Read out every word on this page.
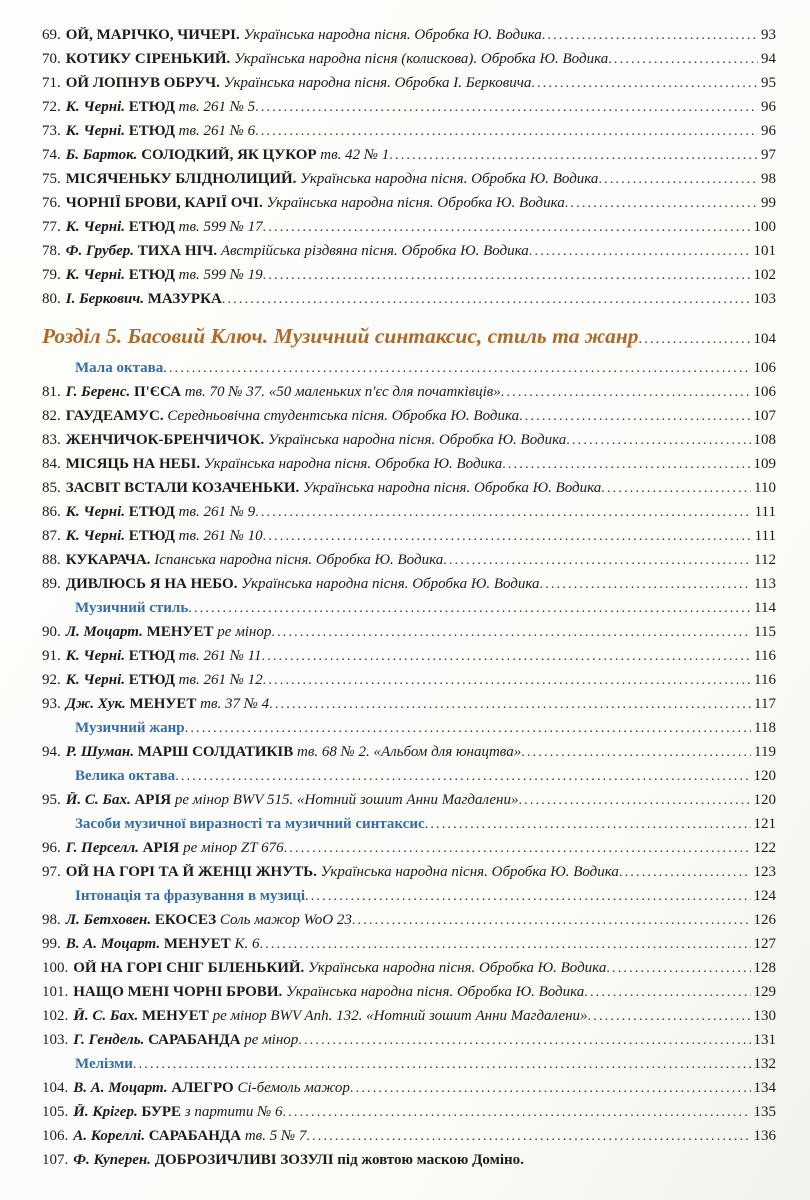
69. ОЙ, МАРІЧКО, ЧИЧЕРІ. Українська народна пісня. Обробка Ю. Водика .....	93
70. КОТИКУ СІРЕНЬКИЙ. Українська народна пісня (колискова). Обробка Ю. Водика .....	94
71. ОЙ ЛОПНУВ ОБРУЧ. Українська народна пісня. Обробка І. Берковича .....	95
72. К. Черні. ЕТЮД тв. 261 № 5 .....	96
73. К. Черні. ЕТЮД тв. 261 № 6 .....	96
74. Б. Барток. СОЛОДКИЙ, ЯК ЦУКОР тв. 42 № 1 .....	97
75. МІСЯЧЕНЬКУ БЛІДНОЛИЦИЙ. Українська народна пісня. Обробка Ю. Водика .....	98
76. ЧОРНІЇ БРОВИ, КАРІЇ ОЧІ. Українська народна пісня. Обробка Ю. Водика .....	99
77. К. Черні. ЕТЮД тв. 599 № 17 .....	100
78. Ф. Грубер. ТИХА НІЧ. Австрійська різдвяна пісня. Обробка Ю. Водика .....	101
79. К. Черні. ЕТЮД тв. 599 № 19 .....	102
80. І. Беркович. МАЗУРКА .....	103
Розділ 5. Басовий Ключ. Музичний синтаксис, стиль та жанр .....	104
Мала октава .....	106
81. Г. Беренс. П'ЄСА тв. 70 № 37. «50 маленьких п'єс для початківців» .....	106
82. ГАУДЕАМУС. Середньовічна студентська пісня. Обробка Ю. Водика .....	107
83. ЖЕНЧИЧОК-БРЕНЧИЧОК. Українська народна пісня. Обробка Ю. Водика .....	108
84. МІСЯЦЬ НА НЕБІ. Українська народна пісня. Обробка Ю. Водика .....	109
85. ЗАСВІТ ВСТАЛИ КОЗАЧЕНЬКИ. Українська народна пісня. Обробка Ю. Водика .....	110
86. К. Черні. ЕТЮД тв. 261 № 9 .....	111
87. К. Черні. ЕТЮД тв. 261 № 10 .....	111
88. КУКАРАЧА. Іспанська народна пісня. Обробка Ю. Водика .....	112
89. ДИВЛЮСЬ Я НА НЕБО. Українська народна пісня. Обробка Ю. Водика .....	113
Музичний стиль .....	114
90. Л. Моцарт. МЕНУЕТ ре мінор .....	115
91. К. Черні. ЕТЮД тв. 261 № 11 .....	116
92. К. Черні. ЕТЮД тв. 261 № 12 .....	116
93. Дж. Хук. МЕНУЕТ тв. 37 № 4 .....	117
Музичний жанр .....	118
94. Р. Шуман. МАРШ СОЛДАТИКІВ тв. 68 № 2. «Альбом для юнацтва» .....	119
Велика октава .....	120
95. Й. С. Бах. АРІЯ ре мінор BWV 515. «Нотний зошит Анни Магдалени» .....	120
Засоби музичної виразності та музичний синтаксис .....	121
96. Г. Перселл. АРІЯ ре мінор ZT 676 .....	122
97. ОЙ НА ГОРІ ТА Й ЖЕНЦІ ЖНУТЬ. Українська народна пісня. Обробка Ю. Водика .....	123
Інтонація та фразування в музиці .....	124
98. Л. Бетховен. ЕКОСЕЗ Соль мажор WoO 23 .....	126
99. В. А. Моцарт. МЕНУЕТ К. 6 .....	127
100. ОЙ НА ГОРІ СНІГ БІЛЕНЬКИЙ. Українська народна пісня. Обробка Ю. Водика .....	128
101. НАЩО МЕНІ ЧОРНІ БРОВИ. Українська народна пісня. Обробка Ю. Водика .....	129
102. Й. С. Бах. МЕНУЕТ ре мінор BWV Anh. 132. «Нотний зошит Анни Магдалени» .....	130
103. Г. Гендель. САРАБАНДА ре мінор .....	131
Мелізми .....	132
104. В. А. Моцарт. АЛЕГРО Сі-бемоль мажор .....	134
105. Й. Крігер. БУРЕ з партити № 6 .....	135
106. А. Кореллі. САРАБАНДА тв. 5 № 7 .....	136
107. Ф. Куперен. ДОБРОЗИЧЛИВІ ЗОЗУЛІ під жовтою маскою Доміно.
